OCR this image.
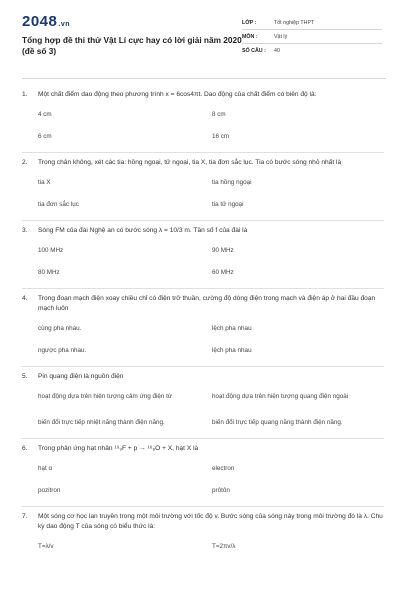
2048.vn
Tổng hợp đề thi thử Vật Lí cực hay có lời giải năm 2020 (đề số 3)
LỚP :	Tốt nghiệp THPT
MÔN :	Vật lý
SỐ CÂU :	40
1.	Một chất điểm dao động theo phương trình x = 6cos4πt. Dao động của chất điểm có biên độ là:
4 cm	8 cm
6 cm	16 cm
2.	Trong chân không, xét các tia: hồng ngoại, tử ngoại, tia X, tia đơn sắc lục. Tia có bước sóng nhỏ nhất là
tia X	tia hồng ngoại
tia đơn sắc lục	tia tử ngoại
3.	Sóng FM của đài Nghệ an có bước sóng λ = 10/3 m. Tần số f của đài là
100 MHz	90 MHz
80 MHz	60 MHz
4.	Trong đoạn mạch điện xoay chiều chỉ có điện trở thuần, cường độ dòng điện trong mạch và điện áp ở hai đầu đoạn mạch luôn
cùng pha nhau.	lệch pha nhau
ngược pha nhau.	lệch pha nhau
5.	Pin quang điện là nguồn điện
hoạt động dựa trên hiện tượng cảm ứng điện từ	hoạt động dựa trên hiện tượng quang điện ngoài
biến đổi trực tiếp nhiệt năng thành điện năng.	biến đổi trực tiếp quang năng thành điện năng.
6.	Trong phản ứng hạt nhân ¹⁹₉F + p → ¹⁶₈O + X, hạt X là
hạt α	electron
pozitron	prôtôn
7.	Một sóng cơ học lan truyền trong một môi trường với tốc độ v. Bước sóng của sóng này trong môi trường đó là λ. Chu kỳ dao động T của sóng có biểu thức là:
T=λ/v	T=2πv/λ
